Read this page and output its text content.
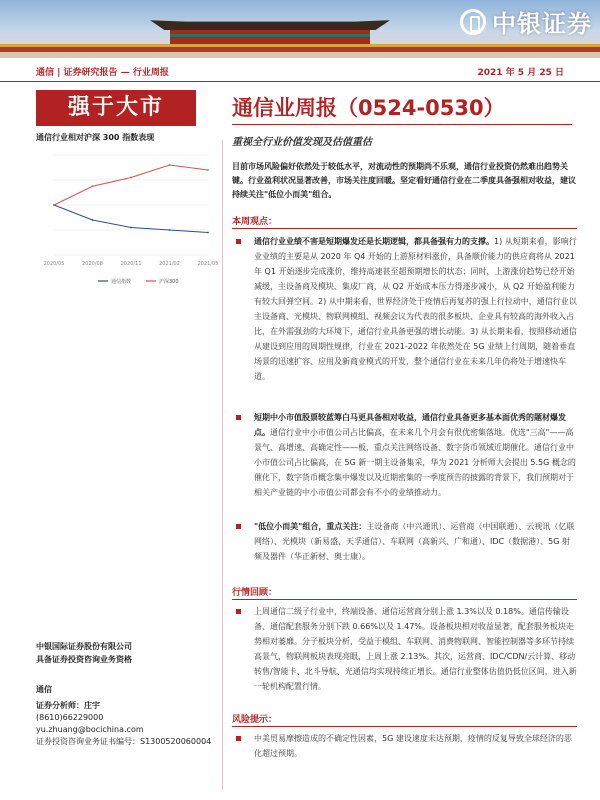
中银证券
通信 | 证券研究报告 — 行业周报	2021 年 5 月 25 日
强于大市	通信业周报（0524-0530）
重视全行业价值发现及估值重估
通信行业相对沪深 300 指数表现
2020/05	2020/08	2020/11	2021/02	2021/05
通信指数	沪深300
目前市场风险偏好依然处于较低水平，对流动性的预期尚不乐观，通信行业投资仍然难出趋势关键。行业盈利状况显著改善，市场关注度回暖。坚定看好通信行业在二季度具备强相对收益，建议持续关注"低位小而美"组合。
本周观点：
通信行业业绩不害是短期爆发还是长期逻辑，都具备强有力的支撑。1) 从短期来看，影响行业业绩的主要是从 2020 年 Q4 开始的上游原材料涨价，具备顺价能力的供应商将从 2021 年 Q1 开始逐步完成涨价，维持高速甚至超预期增长的状态；同时，上游涨价趋势已经开始减缓，主设备商及模块、集成厂商，从 Q2 开始成本压力得逐步减小，从 Q2 开始盈利能力有较大回弹空间。2) 从中期来看，世界经济处于疫情后再复苏的强上行拉动中，通信行业以主设备商、光模块、物联网模组、视频会议为代表的很多板块、企业具有较高的海外收入占比，在外需强劲的大环境下，通信行业具备更强的增长动能。3) 从长期来看，按照移动通信从建设到应用的周期性规律，行业在 2021-2022 年依然处在 5G 业绩上行周期，随着垂直场景的迅速扩容、应用及新商业模式的开发，整个通信行业在未来几年仍将处于增速快车道。
短期中小市值股票较蓝筹白马更具备相对收益，通信行业具备更多基本面优秀的题材爆发点。通信行业中小市值公司占比偏高，在未来几个月会有很优密集落地。优选"三高"——高景气、高增速、高确定性——板，重点关注网络设备、数字货币领域近期催化。通信行业中小市值公司占比偏高，在 5G 新一期主设备集采，华为 2021 分析师大会提出 5.5G 概念的催化下，数字货币概念集中爆发以及近期密集的一季度预告的披露的背景下，我们预期对于相关产业链的中小市值公司都会有不小的业绩推动力。
"低位小而美"组合，重点关注：主设备商（中兴通讯）、运营商（中国联通）、云视讯（亿联网络）、光模块（新易盛、天孚通信）、车联网（高新兴、广和通）、IDC（数据港）、5G 射频及器件（华正新材、奥士康）。
行情回顾：
上周通信二级子行业中，终端设备、通信运营商分别上涨 1.3%以及 0.18%。通信传输设备、通信配套服务分别下跌 0.66%以及 1.47%。设备板块相对收益显著，配套服务板块走势相对萎靡。分子板块分析，受益于模组、车联网、消费物联网、智能控制器等多环节持续高景气，物联网板块表现亮眼，上周上涨 2.13%。其次，运营商、IDC/CDN/云计算、移动转售/智能卡、北斗导航、光通信均实现持续正增长。通信行业整体估值仍低位区间，进入新一轮机构配置行情。
风险提示：
中美贸易摩擦造成的不确定性因素，5G 建设速度未达预期，疫情的反复导致全球经济的恶化超过预期。
中银国际证券股份有限公司
具备证券投资咨询业务资格
通信
证券分析师：庄宇
(8610)66229000
yu.zhuang@bocichina.com
证券投资咨询业务证书编号：S1300520060004
